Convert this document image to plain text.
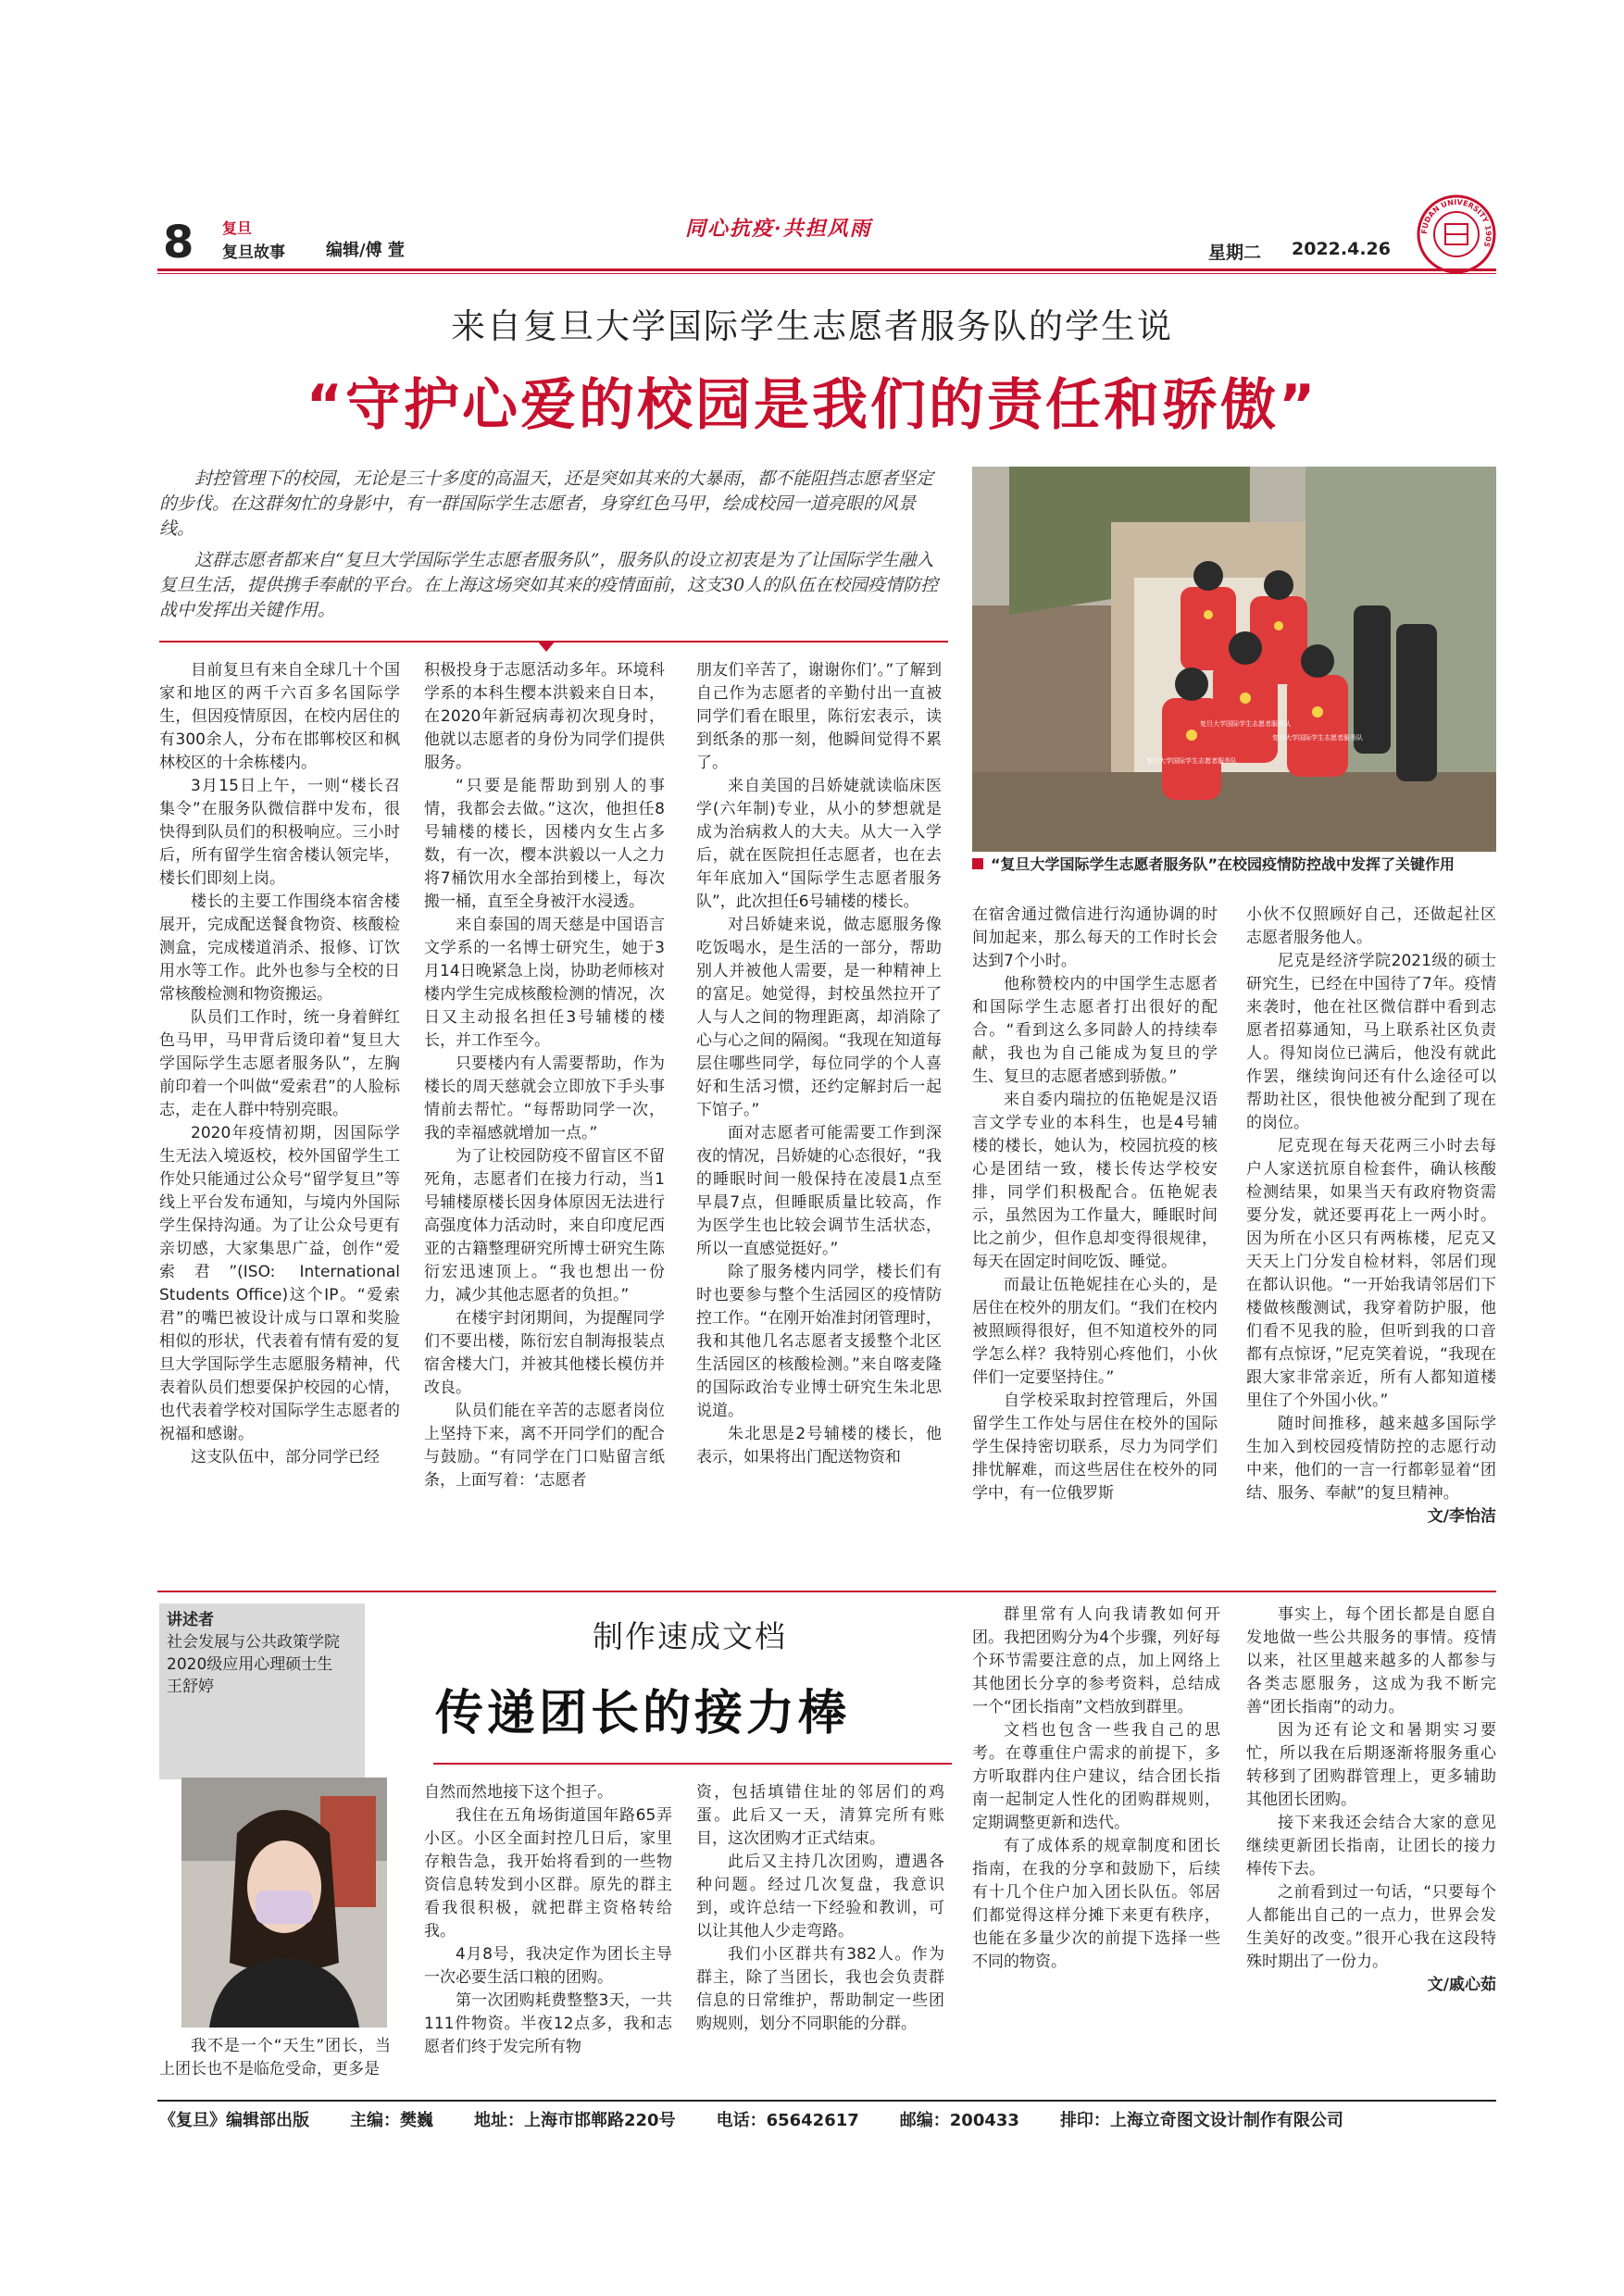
8 复旦
复旦故事 编辑/傅 萱
同心抗疫·共担风雨
星期二 2022.4.26
FUDAN UNIVERSITY 1905
来自复旦大学国际学生志愿者服务队的学生说
“守护心爱的校园是我们的责任和骄傲”
封控管理下的校园，无论是三十多度的高温天，还是突如其来的大暴雨，都不能阻挡志愿者坚定的步伐。在这群匆忙的身影中，有一群国际学生志愿者，身穿红色马甲，绘成校园一道亮眼的风景线。
这群志愿者都来自“复旦大学国际学生志愿者服务队”，服务队的设立初衷是为了让国际学生融入复旦生活，提供携手奉献的平台。在上海这场突如其来的疫情面前，这支30人的队伍在校园疫情防控战中发挥出关键作用。
复旦大学国际学生志愿者服务队
复旦大学国际学生志愿者服务队
复旦大学国际学生志愿者服务队
“复旦大学国际学生志愿者服务队”在校园疫情防控战中发挥了关键作用

目前复旦有来自全球几十个国家和地区的两千六百多名国际学生，但因疫情原因，在校内居住的有300余人，分布在邯郸校区和枫林校区的十余栋楼内。

3月15日上午，一则“楼长召集令”在服务队微信群中发布，很快得到队员们的积极响应。三小时后，所有留学生宿舍楼认领完毕，楼长们即刻上岗。

楼长的主要工作围绕本宿舍楼展开，完成配送餐食物资、核酸检测盒，完成楼道消杀、报修、订饮用水等工作。此外也参与全校的日常核酸检测和物资搬运。

队员们工作时，统一身着鲜红色马甲，马甲背后烫印着“复旦大学国际学生志愿者服务队”，左胸前印着一个叫做“爱索君”的人脸标志，走在人群中特别亮眼。

2020年疫情初期，因国际学生无法入境返校，校外国留学生工作处只能通过公众号“留学复旦”等线上平台发布通知，与境内外国际学生保持沟通。为了让公众号更有亲切感，大家集思广益，创作“爱索君”(ISO: International Students Office)这个IP。“爱索君”的嘴巴被设计成与口罩和奖脸相似的形状，代表着有情有爱的复旦大学国际学生志愿服务精神，代表着队员们想要保护校园的心情，也代表着学校对国际学生志愿者的祝福和感谢。

这支队伍中，部分同学已经

积极投身于志愿活动多年。环境科学系的本科生樱本洪毅来自日本，在2020年新冠病毒初次现身时，他就以志愿者的身份为同学们提供服务。

“只要是能帮助到别人的事情，我都会去做。”这次，他担任8号辅楼的楼长，因楼内女生占多数，有一次，樱本洪毅以一人之力将7桶饮用水全部抬到楼上，每次搬一桶，直至全身被汗水浸透。

来自泰国的周天慈是中国语言文学系的一名博士研究生，她于3月14日晚紧急上岗，协助老师核对楼内学生完成核酸检测的情况，次日又主动报名担任3号辅楼的楼长，并工作至今。

只要楼内有人需要帮助，作为楼长的周天慈就会立即放下手头事情前去帮忙。“每帮助同学一次，我的幸福感就增加一点。”

为了让校园防疫不留盲区不留死角，志愿者们在接力行动，当1号辅楼原楼长因身体原因无法进行高强度体力活动时，来自印度尼西亚的古籍整理研究所博士研究生陈衍宏迅速顶上。“我也想出一份力，减少其他志愿者的负担。”

在楼宇封闭期间，为提醒同学们不要出楼，陈衍宏自制海报装点宿舍楼大门，并被其他楼长模仿并改良。

队员们能在辛苦的志愿者岗位上坚持下来，离不开同学们的配合与鼓励。“有同学在门口贴留言纸条，上面写着：‘志愿者

朋友们辛苦了，谢谢你们’。”了解到自己作为志愿者的辛勤付出一直被同学们看在眼里，陈衍宏表示，读到纸条的那一刻，他瞬间觉得不累了。

来自美国的吕娇婕就读临床医学(六年制)专业，从小的梦想就是成为治病救人的大夫。从大一入学后，就在医院担任志愿者，也在去年年底加入“国际学生志愿者服务队”，此次担任6号辅楼的楼长。

对吕娇婕来说，做志愿服务像吃饭喝水，是生活的一部分，帮助别人并被他人需要，是一种精神上的富足。她觉得，封校虽然拉开了人与人之间的物理距离，却消除了心与心之间的隔阂。“我现在知道每层住哪些同学，每位同学的个人喜好和生活习惯，还约定解封后一起下馆子。”

面对志愿者可能需要工作到深夜的情况，吕娇婕的心态很好，“我的睡眠时间一般保持在凌晨1点至早晨7点，但睡眠质量比较高，作为医学生也比较会调节生活状态，所以一直感觉挺好。”

除了服务楼内同学，楼长们有时也要参与整个生活园区的疫情防控工作。“在刚开始准封闭管理时，我和其他几名志愿者支援整个北区生活园区的核酸检测。”来自喀麦隆的国际政治专业博士研究生朱北思说道。

朱北思是2号辅楼的楼长，他表示，如果将出门配送物资和

在宿舍通过微信进行沟通协调的时间加起来，那么每天的工作时长会达到7个小时。

他称赞校内的中国学生志愿者和国际学生志愿者打出很好的配合。“看到这么多同龄人的持续奉献，我也为自己能成为复旦的学生、复旦的志愿者感到骄傲。”

来自委内瑞拉的伍艳妮是汉语言文学专业的本科生，也是4号辅楼的楼长，她认为，校园抗疫的核心是团结一致，楼长传达学校安排，同学们积极配合。伍艳妮表示，虽然因为工作量大，睡眠时间比之前少，但作息却变得很规律，每天在固定时间吃饭、睡觉。

而最让伍艳妮挂在心头的，是居住在校外的朋友们。“我们在校内被照顾得很好，但不知道校外的同学怎么样？我特别心疼他们，小伙伴们一定要坚持住。”

自学校采取封控管理后，外国留学生工作处与居住在校外的国际学生保持密切联系，尽力为同学们排忧解难，而这些居住在校外的同学中，有一位俄罗斯

小伙不仅照顾好自己，还做起社区志愿者服务他人。

尼克是经济学院2021级的硕士研究生，已经在中国待了7年。疫情来袭时，他在社区微信群中看到志愿者招募通知，马上联系社区负责人。得知岗位已满后，他没有就此作罢，继续询问还有什么途径可以帮助社区，很快他被分配到了现在的岗位。

尼克现在每天花两三小时去每户人家送抗原自检套件，确认核酸检测结果，如果当天有政府物资需要分发，就还要再花上一两小时。因为所在小区只有两栋楼，尼克又天天上门分发自检材料，邻居们现在都认识他。“一开始我请邻居们下楼做核酸测试，我穿着防护服，他们看不见我的脸，但听到我的口音都有点惊讶，”尼克笑着说，“我现在跟大家非常亲近，所有人都知道楼里住了个外国小伙。”

随时间推移，越来越多国际学生加入到校园疫情防控的志愿行动中来，他们的一言一行都彰显着“团结、服务、奉献”的复旦精神。

文/李怡洁

讲述者
社会发展与公共政策学院
2020级应用心理硕士生
王舒婷
制作速成文档
传递团长的接力棒

我不是一个“天生”团长，当上团长也不是临危受命，更多是

自然而然地接下这个担子。

我住在五角场街道国年路65弄小区。小区全面封控几日后，家里存粮告急，我开始将看到的一些物资信息转发到小区群。原先的群主看我很积极，就把群主资格转给我。

4月8号，我决定作为团长主导一次必要生活口粮的团购。

第一次团购耗费整整3天，一共111件物资。半夜12点多，我和志愿者们终于发完所有物

资，包括填错住址的邻居们的鸡蛋。此后又一天，清算完所有账目，这次团购才正式结束。

此后又主持几次团购，遭遇各种问题。经过几次复盘，我意识到，或许总结一下经验和教训，可以让其他人少走弯路。

我们小区群共有382人。作为群主，除了当团长，我也会负责群信息的日常维护，帮助制定一些团购规则，划分不同职能的分群。

群里常有人向我请教如何开团。我把团购分为4个步骤，列好每个环节需要注意的点，加上网络上其他团长分享的参考资料，总结成一个“团长指南”文档放到群里。

文档也包含一些我自己的思考。在尊重住户需求的前提下，多方听取群内住户建议，结合团长指南一起制定人性化的团购群规则，定期调整更新和迭代。

有了成体系的规章制度和团长指南，在我的分享和鼓励下，后续有十几个住户加入团长队伍。邻居们都觉得这样分摊下来更有秩序，也能在多量少次的前提下选择一些不同的物资。

事实上，每个团长都是自愿自发地做一些公共服务的事情。疫情以来，社区里越来越多的人都参与各类志愿服务，这成为我不断完善“团长指南”的动力。

因为还有论文和暑期实习要忙，所以我在后期逐渐将服务重心转移到了团购群管理上，更多辅助其他团长团购。

接下来我还会结合大家的意见继续更新团长指南，让团长的接力棒传下去。

之前看到过一句话，“只要每个人都能出自己的一点力，世界会发生美好的改变。”很开心我在这段特殊时期出了一份力。

文/戚心茹

《复旦》编辑部出版 主编：樊巍 地址：上海市邯郸路220号 电话：65642617 邮编：200433 排印：上海立奇图文设计制作有限公司
